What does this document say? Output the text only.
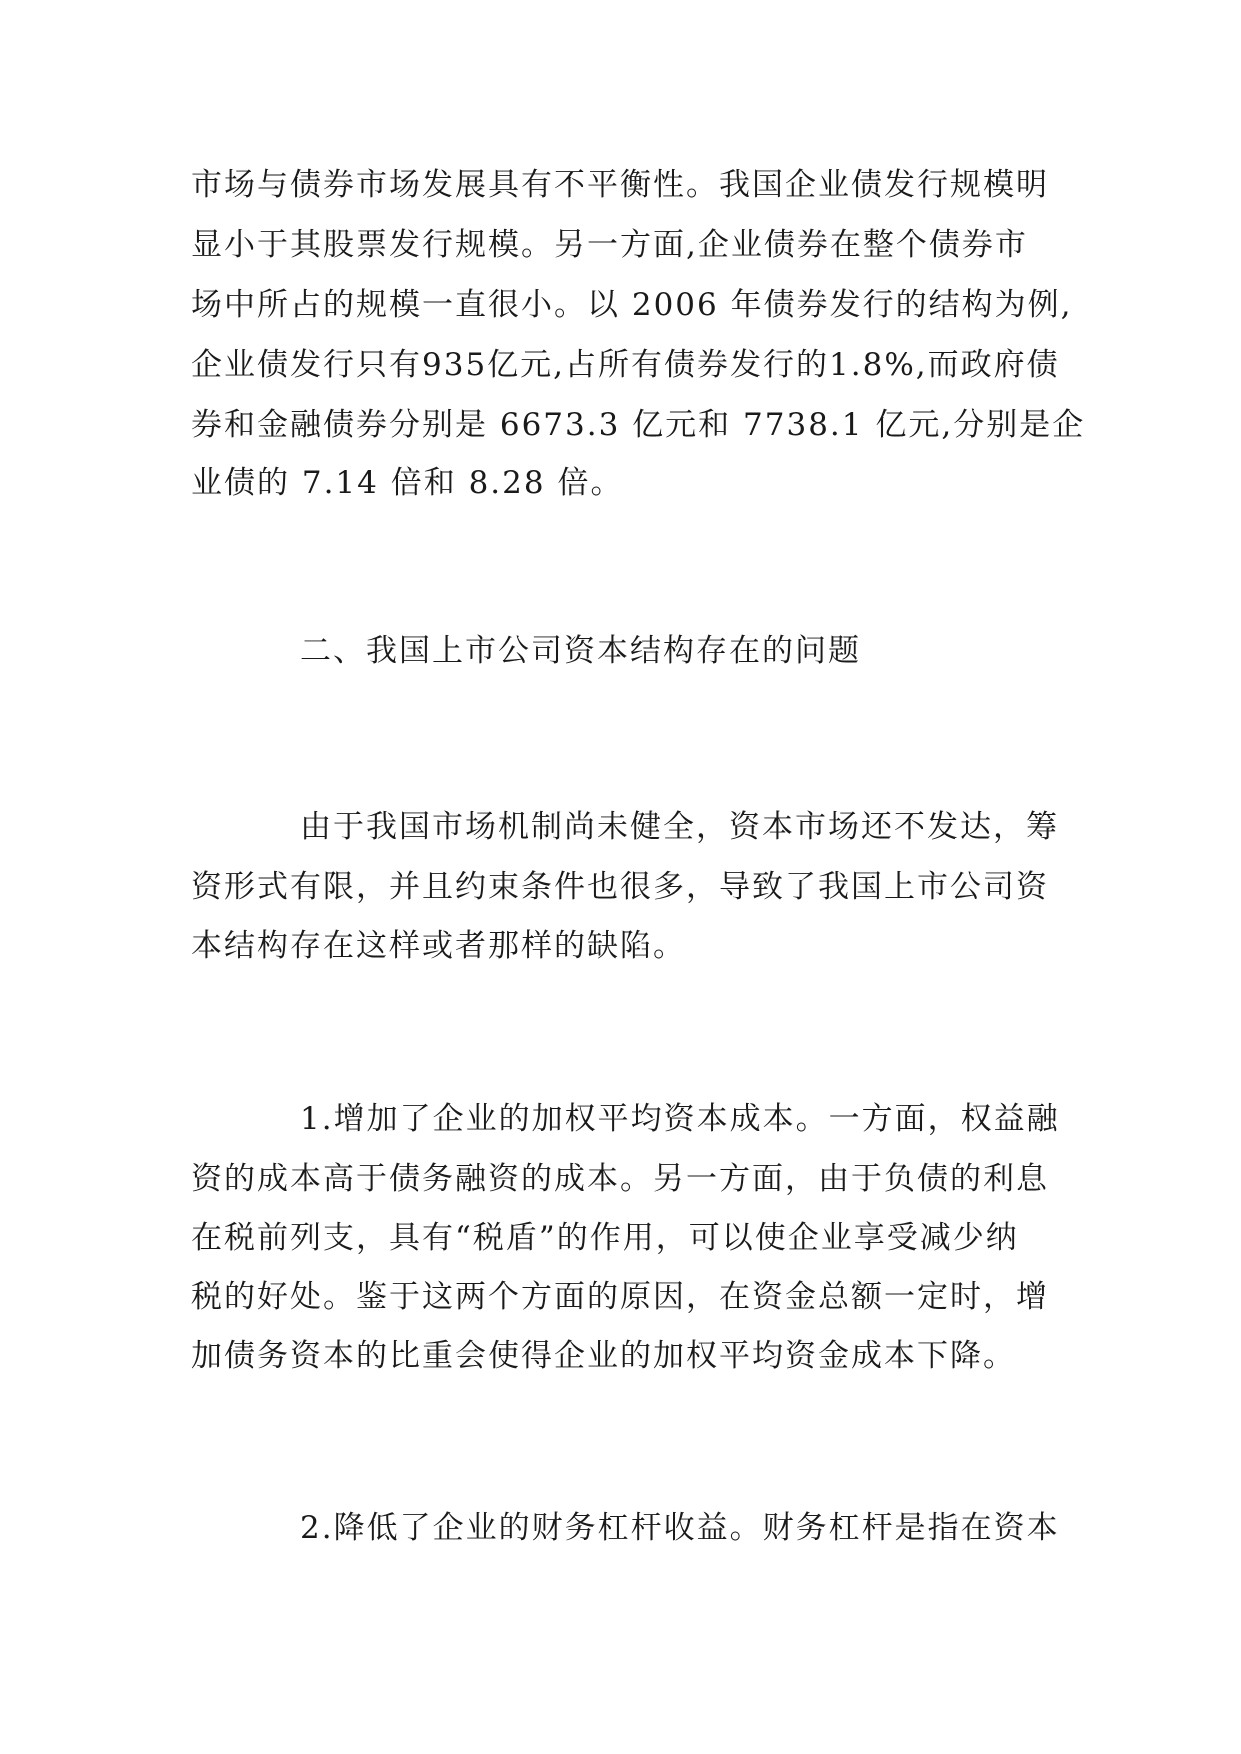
市场与债券市场发展具有不平衡性。我国企业债发行规模明
显小于其股票发行规模。另一方面,企业债券在整个债券市
场中所占的规模一直很小。以 2006 年债券发行的结构为例,
企业债发行只有935亿元,占所有债券发行的1.8%,而政府债
券和金融债券分别是 6673.3 亿元和 7738.1 亿元,分别是企
业债的 7.14 倍和 8.28 倍。
二、我国上市公司资本结构存在的问题
由于我国市场机制尚未健全，资本市场还不发达，筹
资形式有限，并且约束条件也很多，导致了我国上市公司资
本结构存在这样或者那样的缺陷。
1.增加了企业的加权平均资本成本。一方面，权益融
资的成本高于债务融资的成本。另一方面，由于负债的利息
在税前列支，具有“税盾”的作用，可以使企业享受减少纳
税的好处。鉴于这两个方面的原因，在资金总额一定时，增
加债务资本的比重会使得企业的加权平均资金成本下降。
2.降低了企业的财务杠杆收益。财务杠杆是指在资本
